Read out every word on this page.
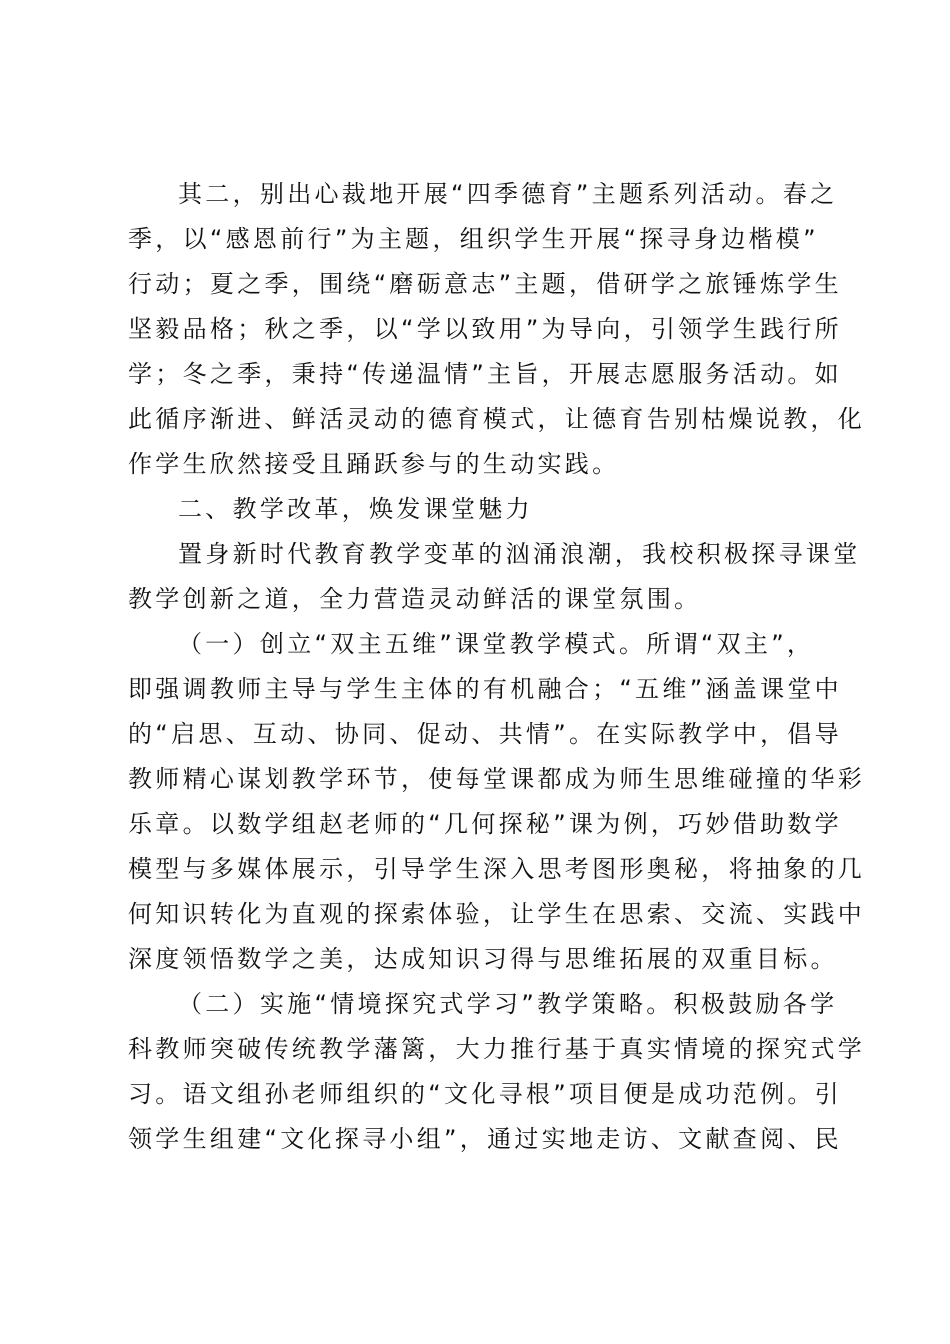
其二，别出心裁地开展“四季德育”主题系列活动。春之
季，以“感恩前行”为主题，组织学生开展“探寻身边楷模”
行动；夏之季，围绕“磨砺意志”主题，借研学之旅锤炼学生
坚毅品格；秋之季，以“学以致用”为导向，引领学生践行所
学；冬之季，秉持“传递温情”主旨，开展志愿服务活动。如
此循序渐进、鲜活灵动的德育模式，让德育告别枯燥说教，化
作学生欣然接受且踊跃参与的生动实践。
二、教学改革，焕发课堂魅力
置身新时代教育教学变革的汹涌浪潮，我校积极探寻课堂
教学创新之道，全力营造灵动鲜活的课堂氛围。
（一）创立“双主五维”课堂教学模式。所谓“双主”，
即强调教师主导与学生主体的有机融合；“五维”涵盖课堂中
的“启思、互动、协同、促动、共情”。在实际教学中，倡导
教师精心谋划教学环节，使每堂课都成为师生思维碰撞的华彩
乐章。以数学组赵老师的“几何探秘”课为例，巧妙借助数学
模型与多媒体展示，引导学生深入思考图形奥秘，将抽象的几
何知识转化为直观的探索体验，让学生在思索、交流、实践中
深度领悟数学之美，达成知识习得与思维拓展的双重目标。
（二）实施“情境探究式学习”教学策略。积极鼓励各学
科教师突破传统教学藩篱，大力推行基于真实情境的探究式学
习。语文组孙老师组织的“文化寻根”项目便是成功范例。引
领学生组建“文化探寻小组”，通过实地走访、文献查阅、民
